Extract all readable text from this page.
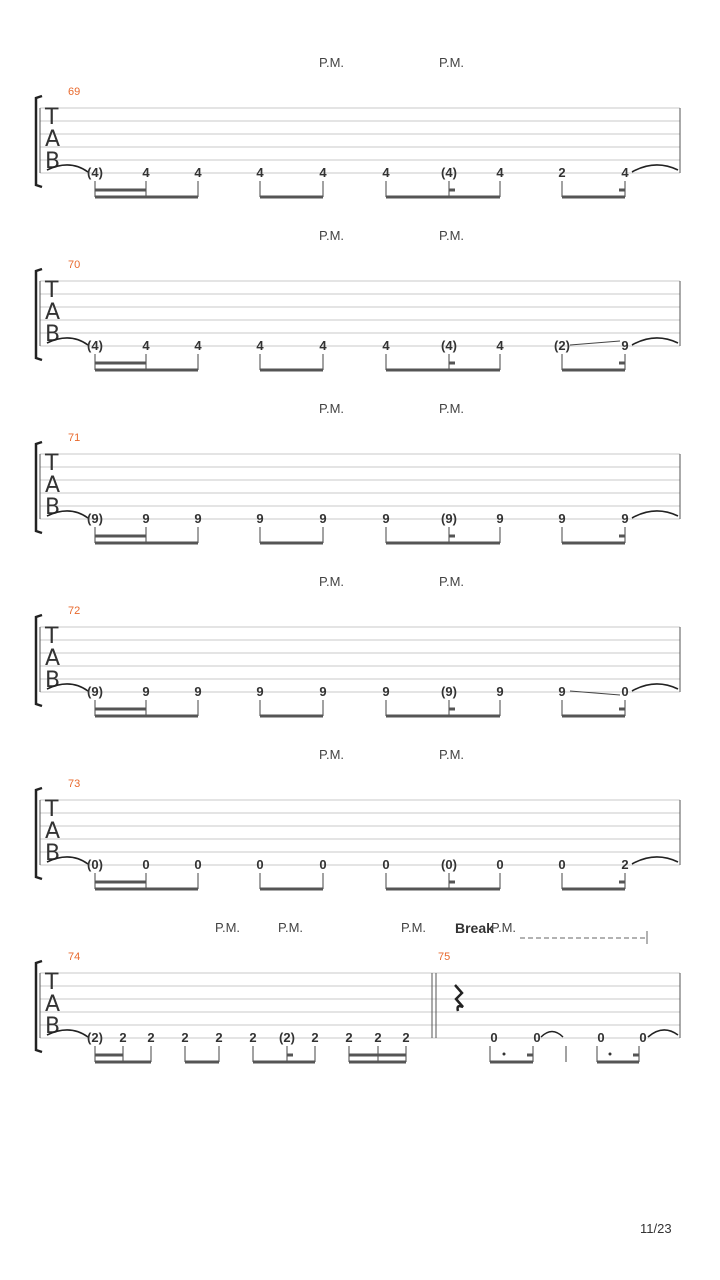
T
A
B
69
P.M.	P.M.
(4)	4	4	4	4	4	(4)	4	2	4
T
A
B
70
P.M.	P.M.
(4)	4	4	4	4	4	(4)	4	(2)	9
T
A
B
71
P.M.	P.M.
(9)	9	9	9	9	9	(9)	9	9	9
T
A
B
72
P.M.	P.M.
(9)	9	9	9	9	9	(9)	9	9	0
T
A
B
73
P.M.	P.M.
(0)	0	0	0	0	0	(0)	0	0	2
T
A
B
74	75
P.M.	P.M.	P.M.	P.M.
Break
(2) 2 2 2 2 2 (2) 2 2 2 2	0	0	0	0
11/23
